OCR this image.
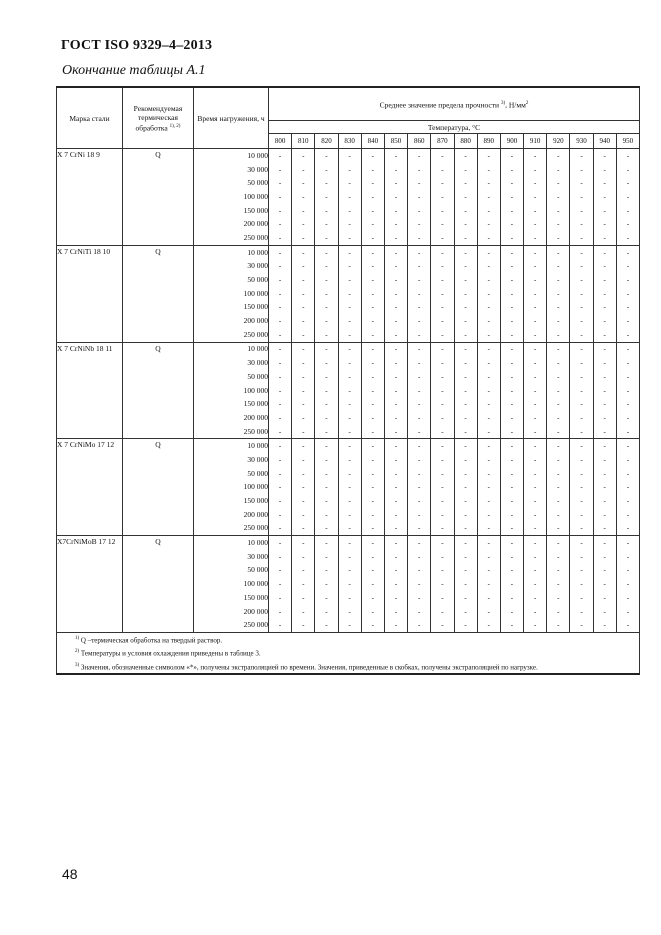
ГОСТ ISO 9329–4–2013
Окончание таблицы А.1
Марка стали	Рекомендуемая термическая обработка $^{1), 2)}$	Время нагружения, ч	Среднее значение предела прочности $^{3)}$, $Н/мм^2$
			Температура, °С															
			800	810	820	830	840	850	860	870	880	890	900	910	920	930	940	950
X 7 CrNi 18 9	Q	10 000	-	-	-	-	-	-	-	-	-	-	-	-	-	-	-	-
		30 000	-	-	-	-	-	-	-	-	-	-	-	-	-	-	-	-
		50 000	-	-	-	-	-	-	-	-	-	-	-	-	-	-	-	-
		100 000	-	-	-	-	-	-	-	-	-	-	-	-	-	-	-	-
		150 000	-	-	-	-	-	-	-	-	-	-	-	-	-	-	-	-
		200 000	-	-	-	-	-	-	-	-	-	-	-	-	-	-	-	-
		250 000	-	-	-	-	-	-	-	-	-	-	-	-	-	-	-	-
X 7 CrNiTi 18 10	Q	10 000	-	-	-	-	-	-	-	-	-	-	-	-	-	-	-	-
		30 000	-	-	-	-	-	-	-	-	-	-	-	-	-	-	-	-
		50 000	-	-	-	-	-	-	-	-	-	-	-	-	-	-	-	-
		100 000	-	-	-	-	-	-	-	-	-	-	-	-	-	-	-	-
		150 000	-	-	-	-	-	-	-	-	-	-	-	-	-	-	-	-
		200 000	-	-	-	-	-	-	-	-	-	-	-	-	-	-	-	-
		250 000	-	-	-	-	-	-	-	-	-	-	-	-	-	-	-	-
X 7 CrNiNb 18 11	Q	10 000	-	-	-	-	-	-	-	-	-	-	-	-	-	-	-	-
		30 000	-	-	-	-	-	-	-	-	-	-	-	-	-	-	-	-
		50 000	-	-	-	-	-	-	-	-	-	-	-	-	-	-	-	-
		100 000	-	-	-	-	-	-	-	-	-	-	-	-	-	-	-	-
		150 000	-	-	-	-	-	-	-	-	-	-	-	-	-	-	-	-
		200 000	-	-	-	-	-	-	-	-	-	-	-	-	-	-	-	-
		250 000	-	-	-	-	-	-	-	-	-	-	-	-	-	-	-	-
X 7 CrNiMo 17 12	Q	10 000	-	-	-	-	-	-	-	-	-	-	-	-	-	-	-	-
		30 000	-	-	-	-	-	-	-	-	-	-	-	-	-	-	-	-
		50 000	-	-	-	-	-	-	-	-	-	-	-	-	-	-	-	-
		100 000	-	-	-	-	-	-	-	-	-	-	-	-	-	-	-	-
		150 000	-	-	-	-	-	-	-	-	-	-	-	-	-	-	-	-
		200 000	-	-	-	-	-	-	-	-	-	-	-	-	-	-	-	-
		250 000	-	-	-	-	-	-	-	-	-	-	-	-	-	-	-	-
X7CrNiMoB 17 12	Q	10 000	-	-	-	-	-	-	-	-	-	-	-	-	-	-	-	-
		30 000	-	-	-	-	-	-	-	-	-	-	-	-	-	-	-	-
		50 000	-	-	-	-	-	-	-	-	-	-	-	-	-	-	-	-
		100 000	-	-	-	-	-	-	-	-	-	-	-	-	-	-	-	-
		150 000	-	-	-	-	-	-	-	-	-	-	-	-	-	-	-	-
		200 000	-	-	-	-	-	-	-	-	-	-	-	-	-	-	-	-
		250 000	-	-	-	-	-	-	-	-	-	-	-	-	-	-	-	-

$^{1)}$ Q –термическая обработка на твердый раствор.
$^{2)}$ Температуры и условия охлаждения приведены в таблице 3.
$^{3)}$ Значения, обозначенные символом «*», получены экстраполяцией по времени. Значения, приведенные в скобках, получены экстраполяцией по нагрузке.																		
48
